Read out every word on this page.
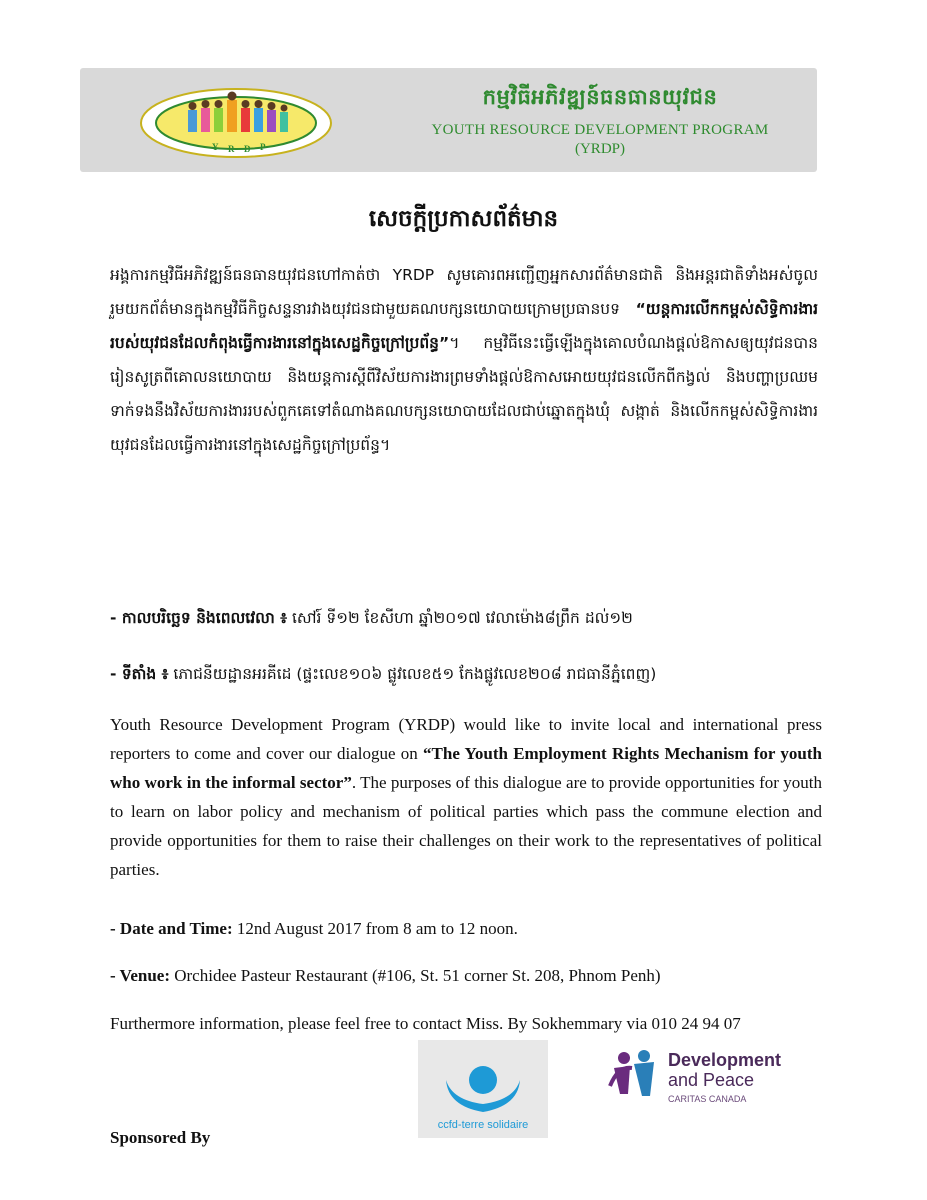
Y R D P
កម្មវិធីអភិវឌ្ឍន៍ធនធានយុវជន
YOUTH RESOURCE DEVELOPMENT PROGRAM
(YRDP)
សេចក្តីប្រកាសព័ត៌មាន
អង្គការកម្មវិធីអភិវឌ្ឍន៍ធនធានយុវជនហៅកាត់ថា YRDP សូមគោរពអញ្ជើញអ្នកសារព័ត៌មានជាតិ និងអន្តរជាតិទាំងអស់ចូលរួមយកព័ត៌មានក្នុងកម្មវិធីកិច្ចសន្ទនារវាងយុវជនជាមួយគណបក្សនយោបាយក្រោមប្រធានបទ “យន្តការលើកកម្ពស់សិទ្ធិការងាររបស់យុវជនដែលកំពុងធ្វើការងារនៅក្នុងសេដ្ឋកិច្ចក្រៅប្រព័ន្ធ”។ កម្មវិធីនេះធ្វើឡើងក្នុងគោលបំណងផ្តល់ឱកាសឲ្យយុវជនបានរៀនសូត្រពីគោលនយោបាយ និងយន្តការស្តីពីវិស័យការងារព្រមទាំងផ្តល់ឱកាសអោយយុវជនលើកពីកង្វល់ និងបញ្ហាប្រឈមទាក់ទងនឹងវិស័យការងាររបស់ពួកគេទៅតំណាងគណបក្សនយោបាយដែលជាប់ឆ្នោតក្នុងឃុំ សង្កាត់ និងលើកកម្ពស់សិទ្ធិការងារយុវជនដែលធ្វើការងារនៅក្នុងសេដ្ឋកិច្ចក្រៅប្រព័ន្ធ។
- កាលបរិច្ឆេទ និងពេលវេលា ៖ សៅរ៍ ទី១២ ខែសីហា ឆ្នាំ២០១៧ វេលាម៉ោង៨ព្រឹក ដល់១២
- ទីតាំង ៖ ភោជនីយដ្ឋានអរគីដេ (ផ្ទះលេខ១០៦ ផ្លូវលេខ៥១ កែងផ្លូវលេខ២០៨ រាជធានីភ្នំពេញ)
Youth Resource Development Program (YRDP) would like to invite local and international press reporters to come and cover our dialogue on “The Youth Employment Rights Mechanism for youth who work in the informal sector”. The purposes of this dialogue are to provide opportunities for youth to learn on labor policy and mechanism of political parties which pass the commune election and provide opportunities for them to raise their challenges on their work to the representatives of political parties.
- Date and Time: 12nd August 2017 from 8 am to 12 noon.
- Venue: Orchidee Pasteur Restaurant (#106, St. 51 corner St. 208, Phnom Penh)
Furthermore information, please feel free to contact Miss. By Sokhemmary via 010 24 94 07
ccfd-terre solidaire
Development
and Peace
CARITAS CANADA
Sponsored By
